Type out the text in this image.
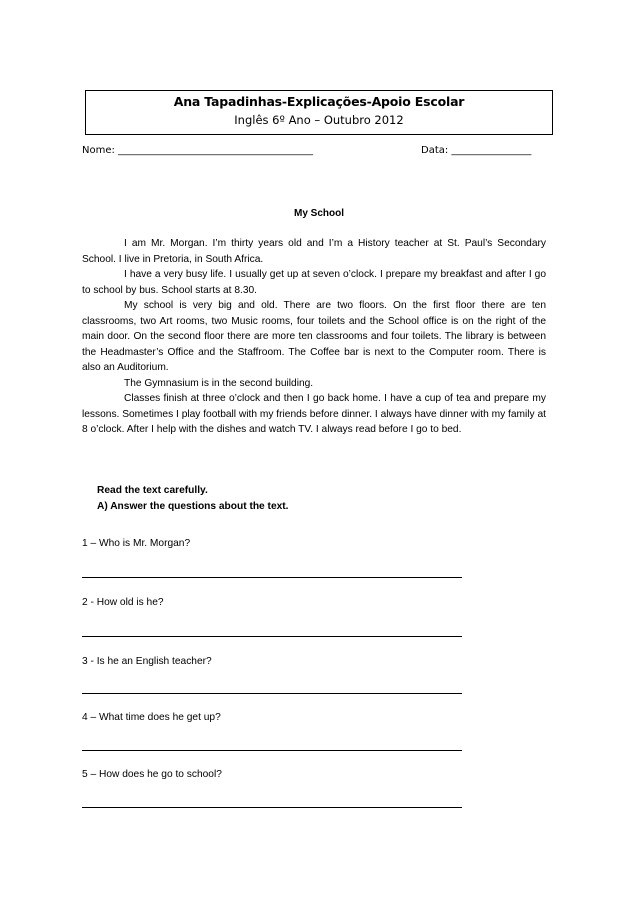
Ana Tapadinhas-Explicações-Apoio Escolar
Inglês 6º Ano – Outubro 2012
Nome: _______________________________________	Data: ________________
My School

I am Mr. Morgan. I’m thirty years old and I’m a History teacher at St. Paul’s Secondary School. I live in Pretoria, in South Africa.

I have a very busy life. I usually get up at seven o’clock. I prepare my breakfast and after I go to school by bus. School starts at 8.30.

My school is very big and old. There are two floors. On the first floor there are ten classrooms, two Art rooms, two Music rooms, four toilets and the School office is on the right of the main door. On the second floor there are more ten classrooms and four toilets. The library is between the Headmaster’s Office and the Staffroom. The Coffee bar is next to the Computer room. There is also an Auditorium.

The Gymnasium is in the second building.

Classes finish at three o’clock and then I go back home. I have a cup of tea and prepare my lessons. Sometimes I play football with my friends before dinner. I always have dinner with my family at 8 o’clock. After I help with the dishes and watch TV. I always read before I go to bed.

Read the text carefully.
A) Answer the questions about the text.
1 – Who is Mr. Morgan?
2 - How old is he?
3 - Is he an English teacher?
4 – What time does he get up?
5 – How does he go to school?
